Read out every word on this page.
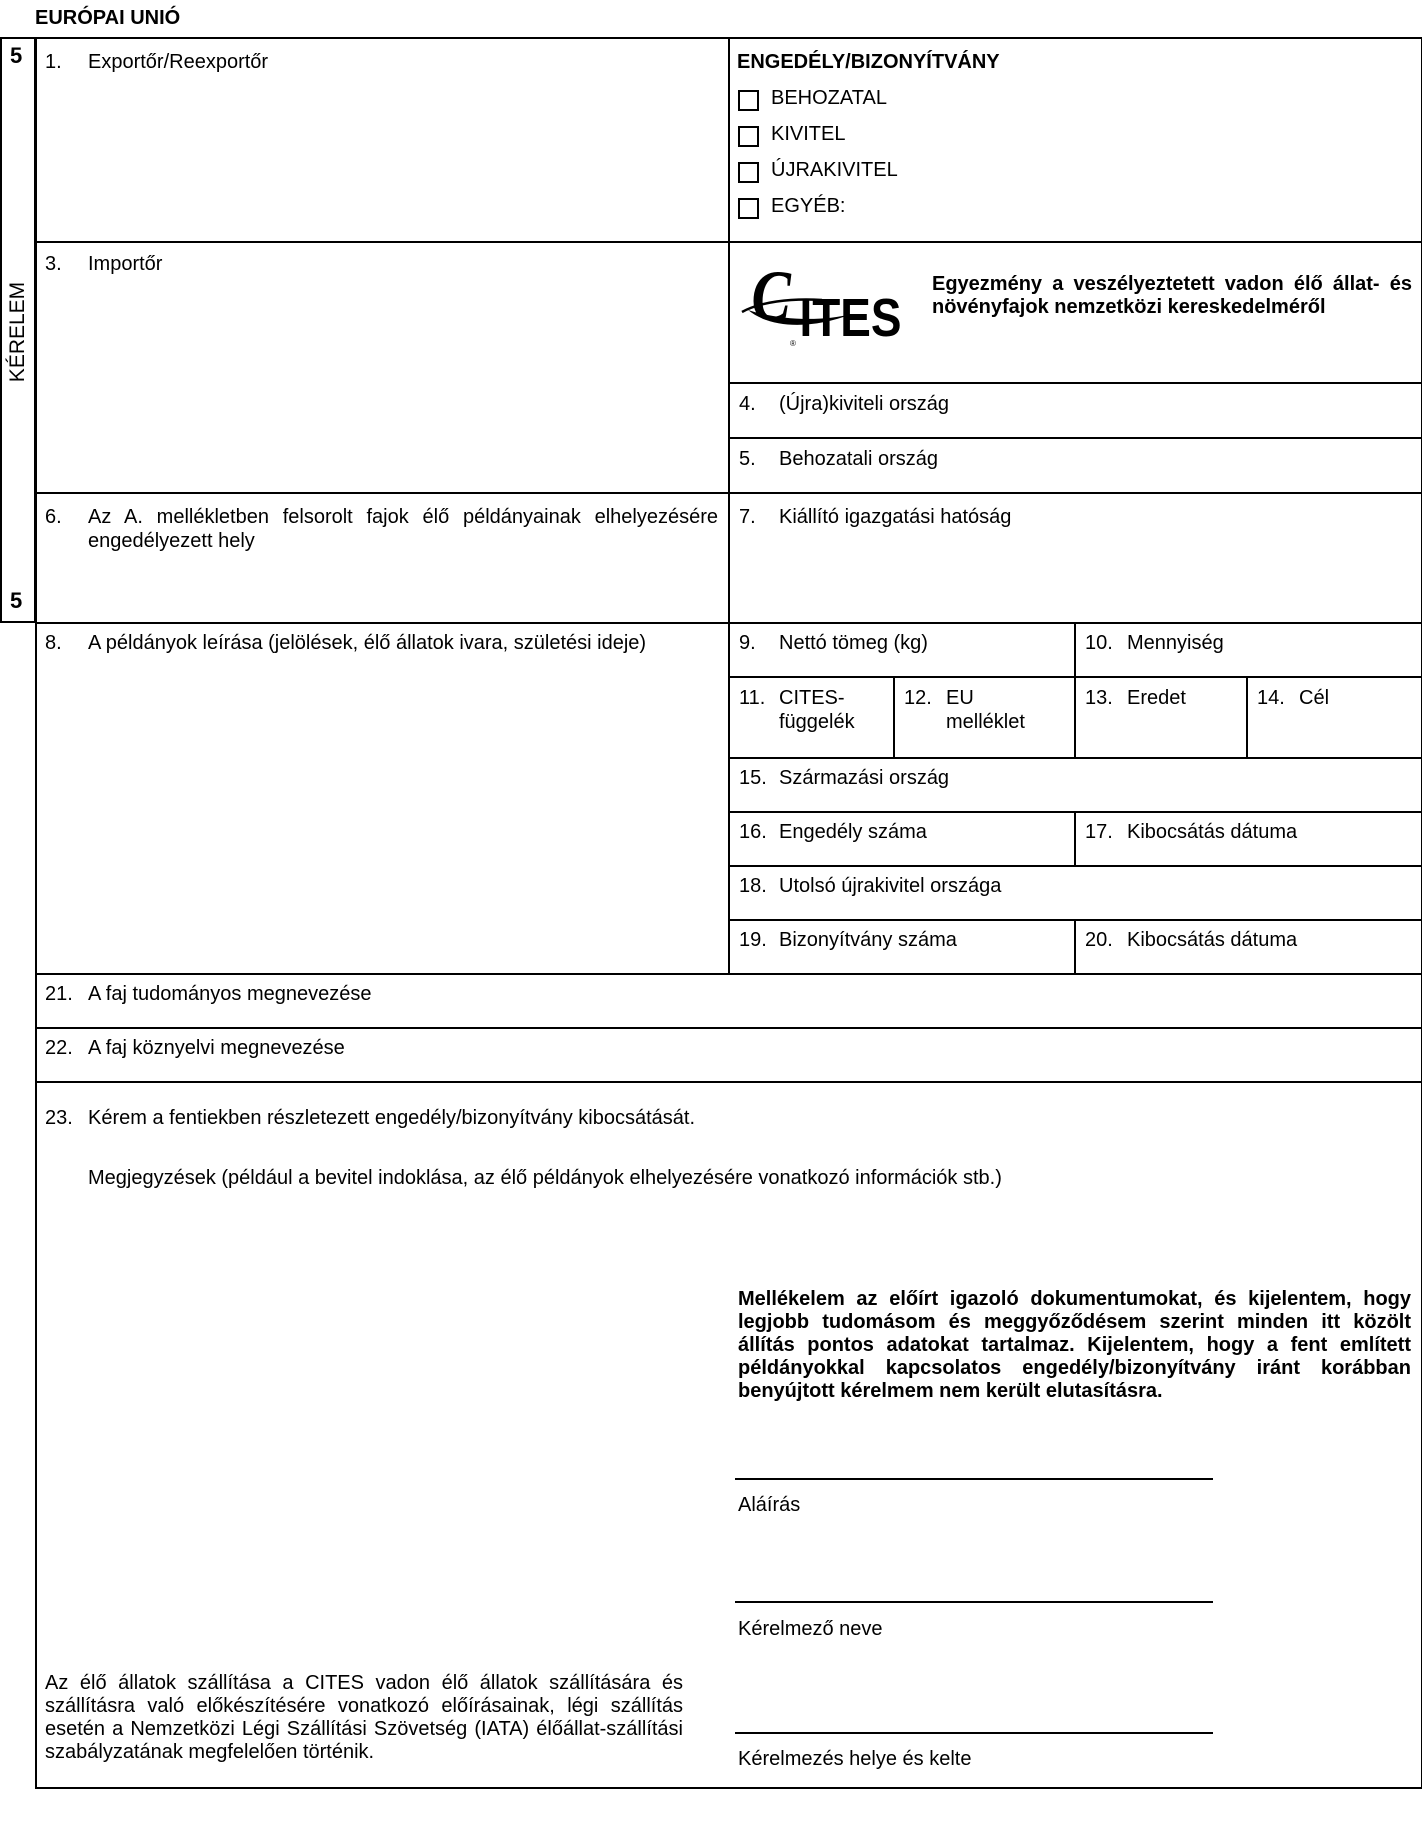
EURÓPAI UNIÓ
5
5
KÉRELEM
1. Exportőr/Reexportőr	ENGEDÉLY/BIZONYÍTVÁNY
BEHOZATAL
KIVITEL
ÚJRAKIVITEL
EGYÉB:
3. Importőr	C ITES
®
Egyezmény a veszélyeztetett vadon élő állat- és növényfajok nemzetközi kereskedelméről
4. (Újra)kiviteli ország
5. Behozatali ország
6. Az A. mellékletben felsorolt fajok élő példányainak elhelyezésére engedélyezett hely
7. Kiállító igazgatási hatóság
8. A példányok leírása (jelölések, élő állatok ivara, születési ideje)	9. Nettó tömeg (kg)	10. Mennyiség
11. CITES-
függelék
12. EU
melléklet
13. Eredet	14. Cél
15. Származási ország
16. Engedély száma	17. Kibocsátás dátuma
18. Utolsó újrakivitel országa
19. Bizonyítvány száma	20. Kibocsátás dátuma
21. A faj tudományos megnevezése
22. A faj köznyelvi megnevezése
23. Kérem a fentiekben részletezett engedély/bizonyítvány kibocsátását.
Megjegyzések (például a bevitel indoklása, az élő példányok elhelyezésére vonatkozó információk stb.)
Mellékelem az előírt igazoló dokumentumokat, és kijelentem, hogy legjobb tudomásom és meggyőződésem szerint minden itt közölt állítás pontos adatokat tartalmaz. Kijelentem, hogy a fent említett példányokkal kapcsolatos engedély/bizonyítvány iránt korábban benyújtott kérelmem nem került elutasításra.
Aláírás
Kérelmező neve
Kérelmezés helye és kelte
Az élő állatok szállítása a CITES vadon élő állatok szállítására és szállításra való előkészítésére vonatkozó előírásainak, légi szállítás esetén a Nemzetközi Légi Szállítási Szövetség (IATA) élőállat-szállítási szabályzatának megfelelően történik.
